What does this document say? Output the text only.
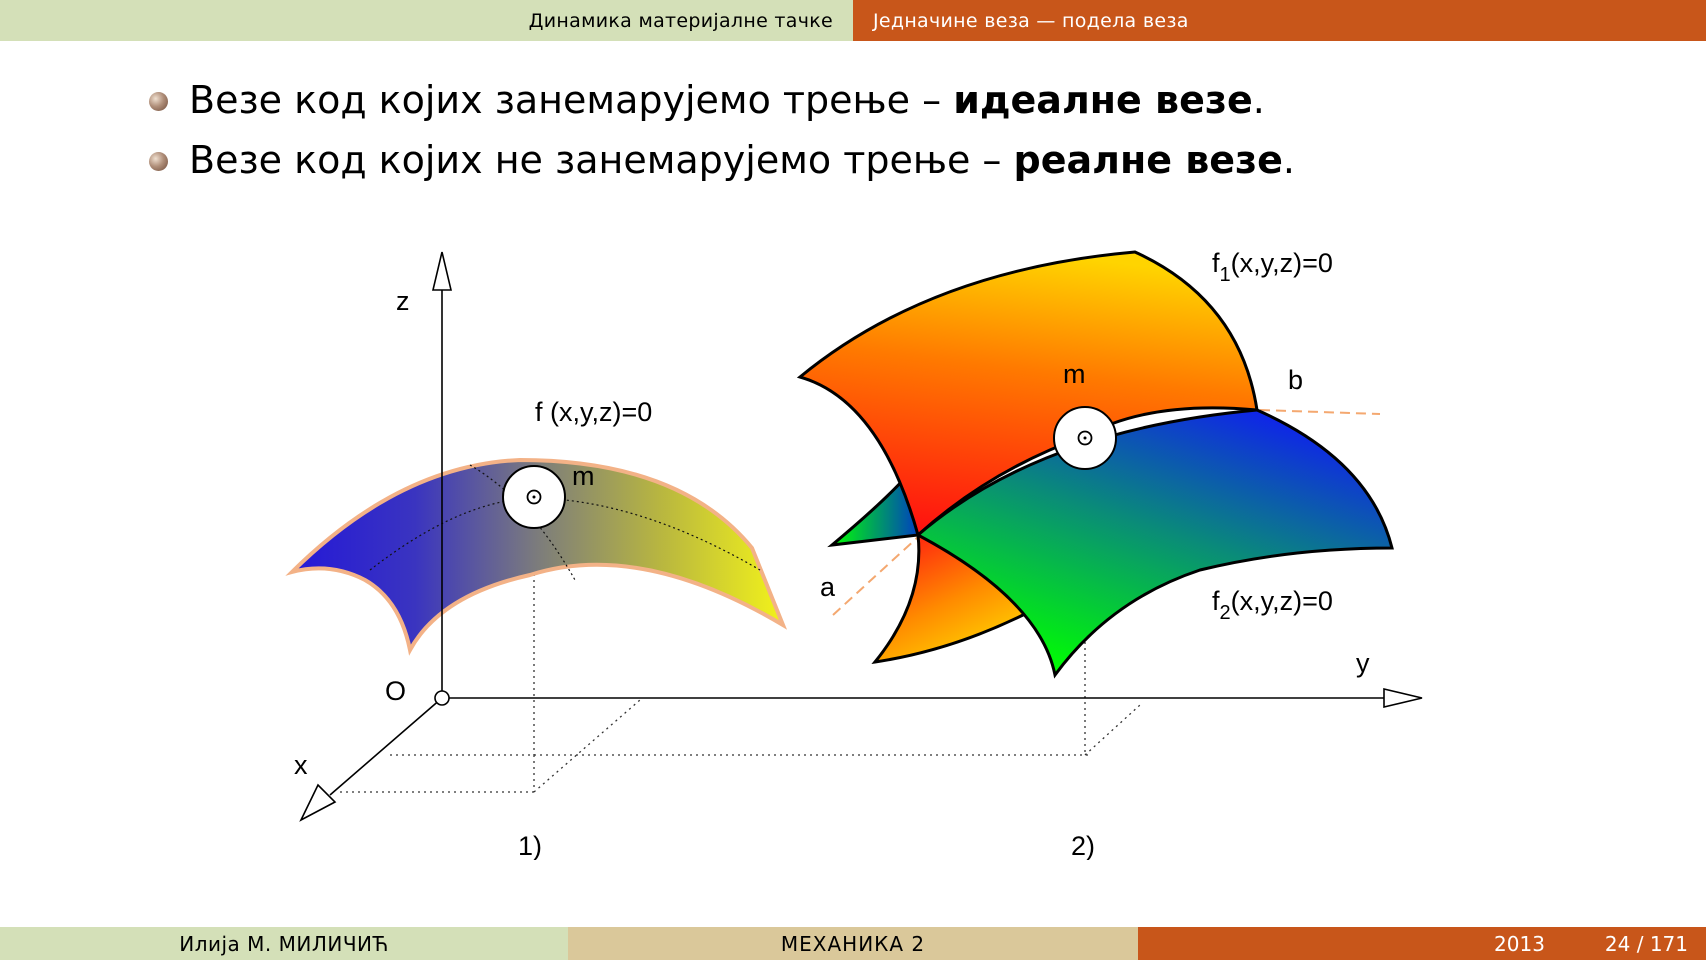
Динамика материјалне тачке	Једначине веза — подела веза
Везе код којих занемарујемо трење – идеалне везе.
Везе код којих не занемарујемо трење – реалне везе.
z
y
x
O
f (x,y,z)=0
m
m
$f_1(x,y,z)=0$
$f_2(x,y,z)=0$
a
b
1)	2)
Илија М. МИЛИЧИЋ	МЕХАНИКА 2	2013	24 / 171
